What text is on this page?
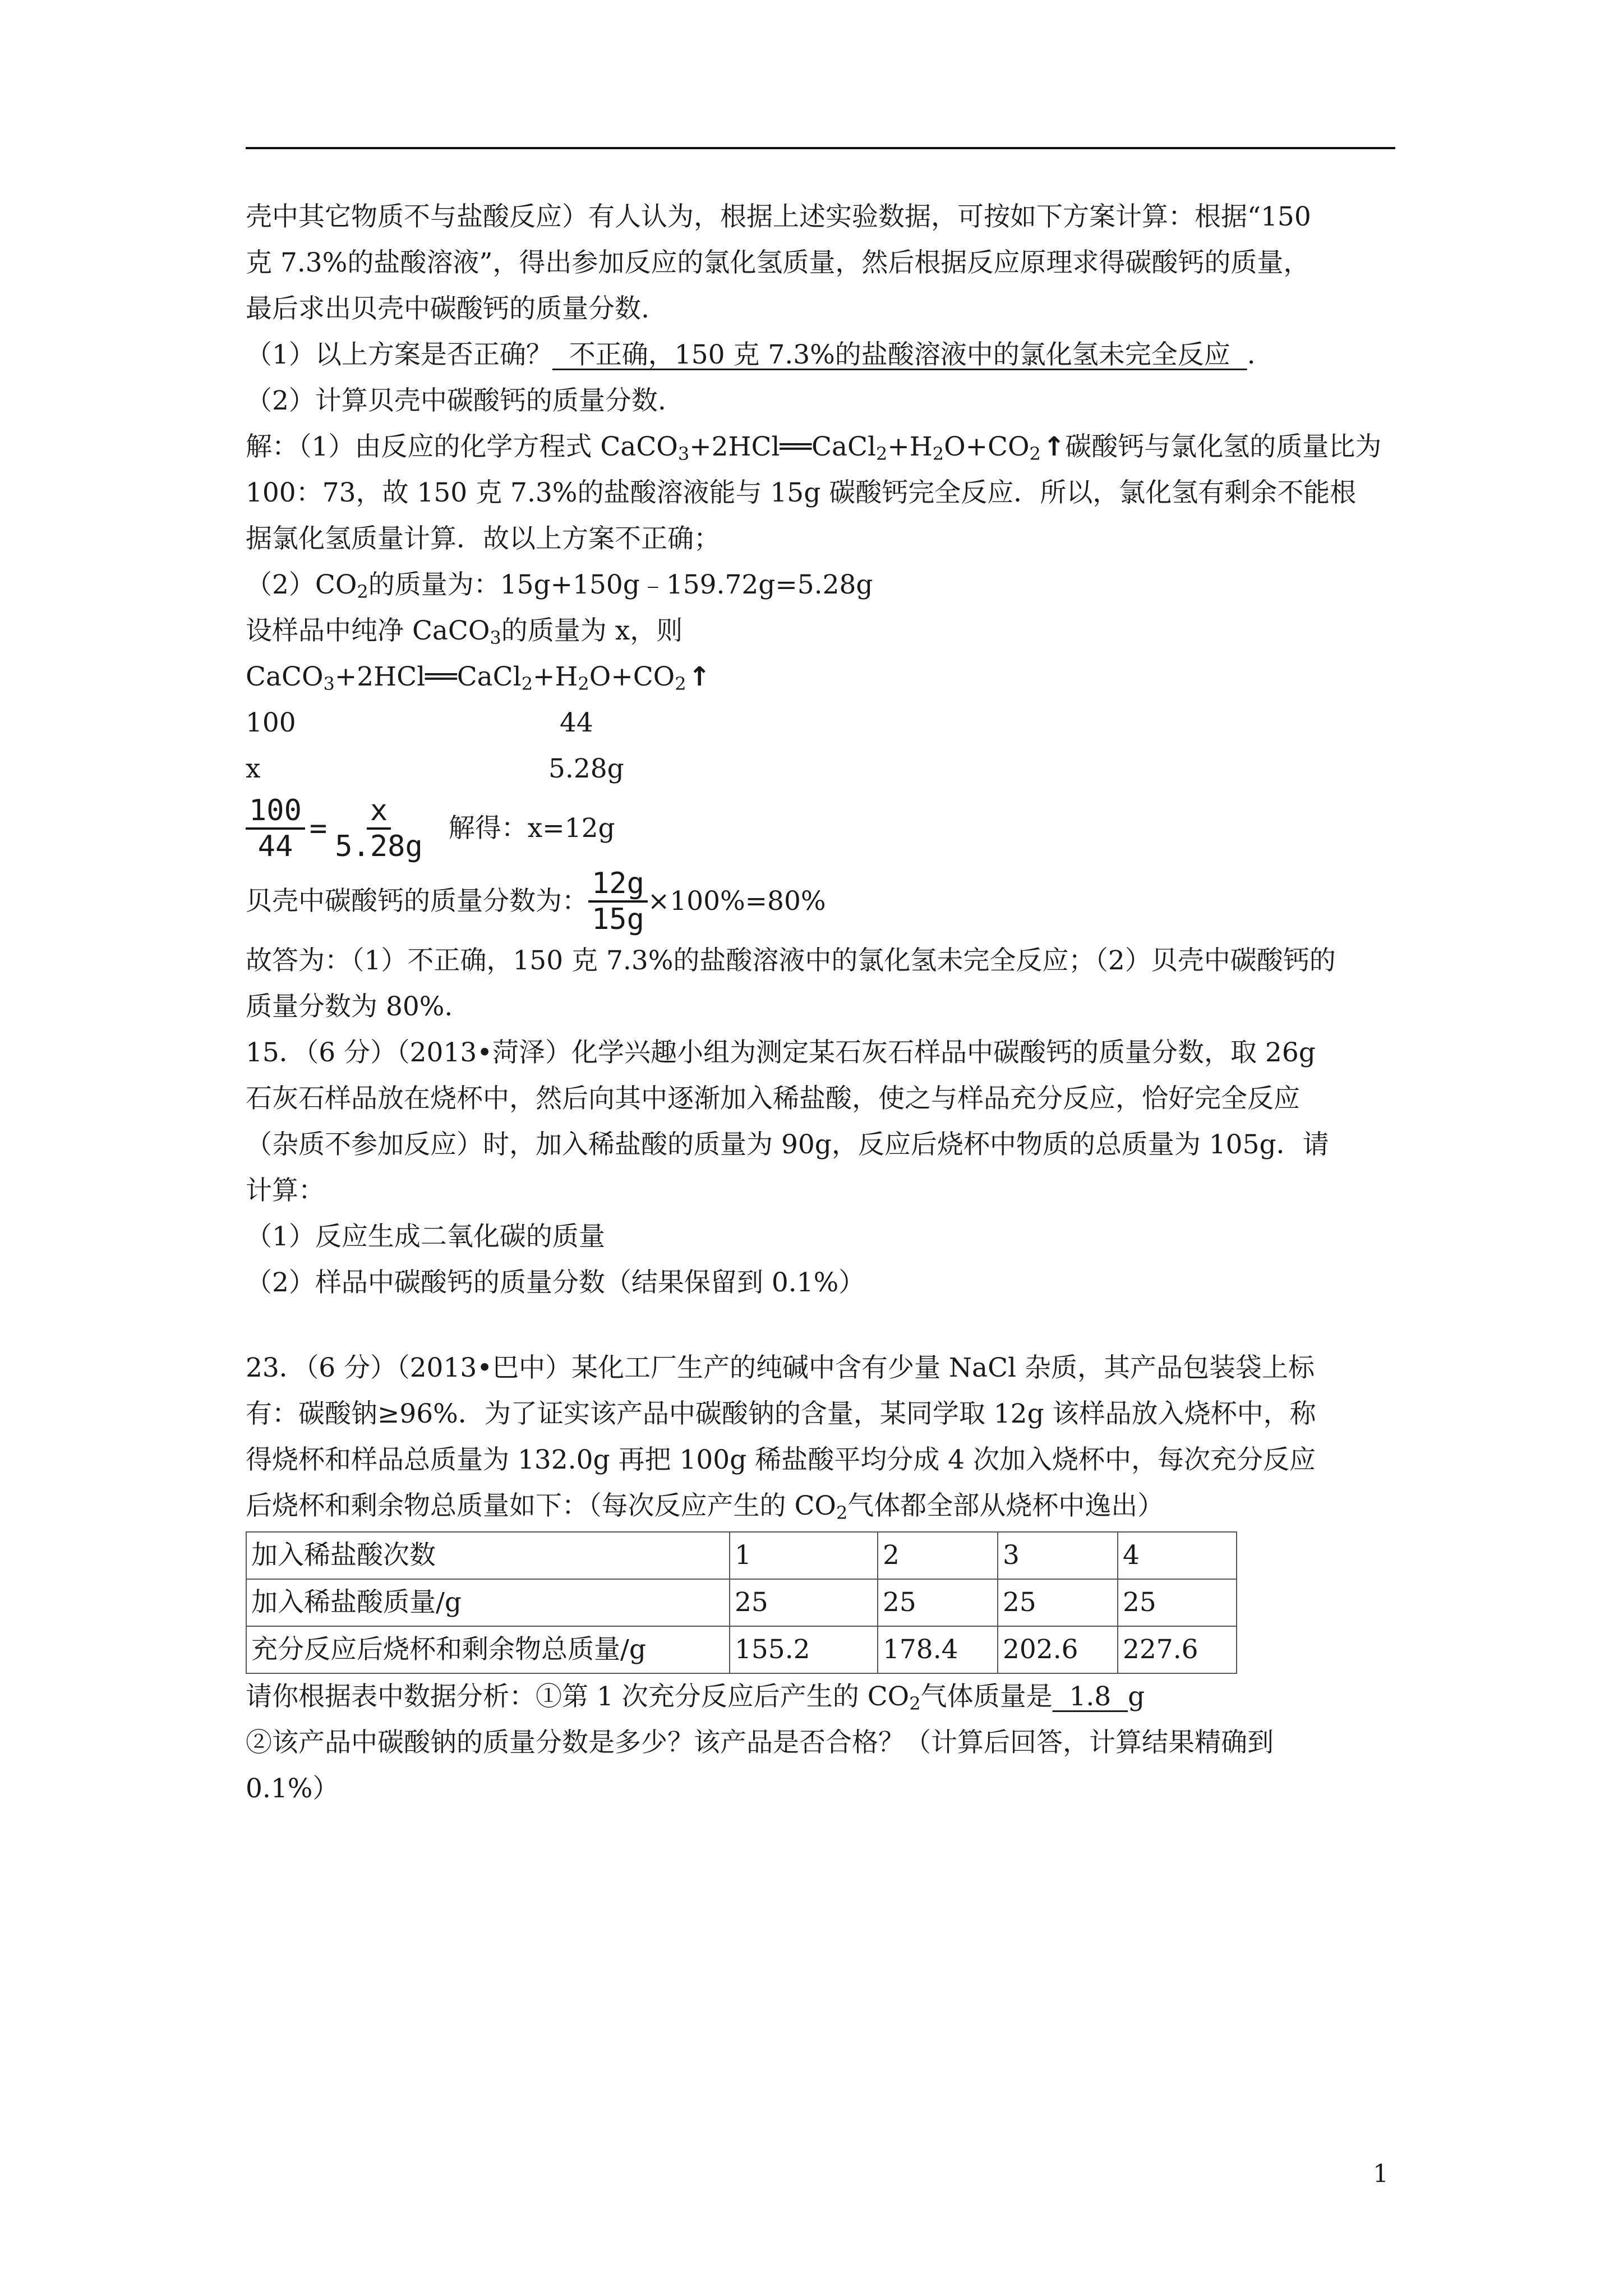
壳中其它物质不与盐酸反应）有人认为，根据上述实验数据，可按如下方案计算：根据“150
克 7.3%的盐酸溶液”，得出参加反应的氯化氢质量，然后根据反应原理求得碳酸钙的质量，
最后求出贝壳中碳酸钙的质量分数.
（1）以上方案是否正确？  不正确，150 克 7.3%的盐酸溶液中的氯化氢未完全反应  .
（2）计算贝壳中碳酸钙的质量分数.
解：（1）由反应的化学方程式 $CaCO_3+2HCl══CaCl_2+H_2O+CO_2↑$碳酸钙与氯化氢的质量比为
100：73，故 150 克 7.3%的盐酸溶液能与 15g 碳酸钙完全反应．所以，氯化氢有剩余不能根
据氯化氢质量计算．故以上方案不正确；
$(2)CO_2$的质量为：15g+150g﹣159.72g=5.28g
设样品中纯净 CaCO$_3$的质量为 x，则
$CaCO_3+2HCl══CaCl_2+H_2O+CO_2↑$
100	44
x	5.28g
$\frac{100}{44} = \frac{x}{5.28g}$ 解得：x=12g
贝壳中碳酸钙的质量分数为： $\frac{12g}{15g} \times 100\%=80\%$
故答为：（1）不正确，150 克 7.3%的盐酸溶液中的氯化氢未完全反应；（2）贝壳中碳酸钙的
质量分数为 80%.
15．（6 分）（2013•菏泽）化学兴趣小组为测定某石灰石样品中碳酸钙的质量分数，取 26g
石灰石样品放在烧杯中，然后向其中逐渐加入稀盐酸，使之与样品充分反应，恰好完全反应
（杂质不参加反应）时，加入稀盐酸的质量为 90g，反应后烧杯中物质的总质量为 105g．请
计算：
（1）反应生成二氧化碳的质量
（2）样品中碳酸钙的质量分数（结果保留到 0.1%）
23．（6 分）（2013•巴中）某化工厂生产的纯碱中含有少量 NaCl 杂质，其产品包装袋上标
有：碳酸钠≥96%．为了证实该产品中碳酸钠的含量，某同学取 12g 该样品放入烧杯中，称
得烧杯和样品总质量为 132.0g 再把 100g 稀盐酸平均分成 4 次加入烧杯中，每次充分反应
后烧杯和剩余物总质量如下：（每次反应产生的 $CO_2$气体都全部从烧杯中逸出）
加入稀盐酸次数	1	2	3	4
加入稀盐酸质量/g	25	25	25	25
充分反应后烧杯和剩余物总质量/g	155.2	178.4	202.6	227.6
请你根据表中数据分析：①第 1 次充分反应后产生的 $CO_2$气体质量是  1.8  g
②该产品中碳酸钠的质量分数是多少？该产品是否合格？（计算后回答，计算结果精确到
0.1%）
1
